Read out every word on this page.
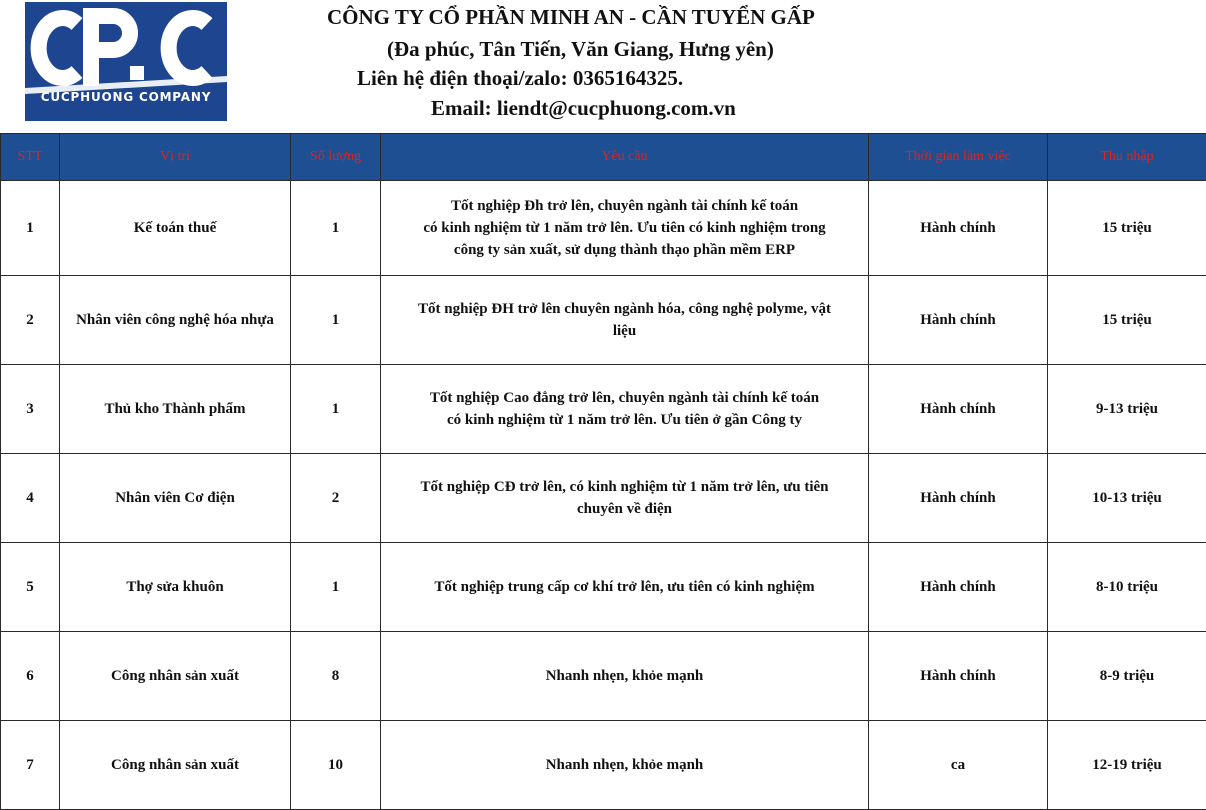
CUCPHUONG COMPANY
CÔNG TY CỔ PHẦN MINH AN - CẦN TUYỂN GẤP
(Đa phúc, Tân Tiến, Văn Giang, Hưng yên)
Liên hệ điện thoại/zalo: 0365164325.
Email: liendt@cucphuong.com.vn
STT	Vị trí	Số lượng	Yêu cầu	Thời gian làm việc	Thu nhập
1	Kế toán thuế	1	Tốt nghiệp Đh trở lên, chuyên ngành tài chính kế toán
có kinh nghiệm từ 1 năm trở lên. Ưu tiên có kinh nghiệm trong
công ty sản xuất, sử dụng thành thạo phần mềm ERP	Hành chính	15 triệu
2	Nhân viên công nghệ hóa nhựa	1	Tốt nghiệp ĐH trở lên chuyên ngành hóa, công nghệ polyme, vật
liệu	Hành chính	15 triệu
3	Thủ kho Thành phẩm	1	Tốt nghiệp Cao đẳng trở lên, chuyên ngành tài chính kế toán
có kinh nghiệm từ 1 năm trở lên. Ưu tiên ở gần Công ty	Hành chính	9-13 triệu
4	Nhân viên Cơ điện	2	Tốt nghiệp CĐ trở lên, có kinh nghiệm từ 1 năm trở lên, ưu tiên
chuyên về điện	Hành chính	10-13 triệu
5	Thợ sửa khuôn	1	Tốt nghiệp trung cấp cơ khí trở lên, ưu tiên có kinh nghiệm	Hành chính	8-10 triệu
6	Công nhân sản xuất	8	Nhanh nhẹn, khỏe mạnh	Hành chính	8-9 triệu
7	Công nhân sản xuất	10	Nhanh nhẹn, khỏe mạnh	ca	12-19 triệu
